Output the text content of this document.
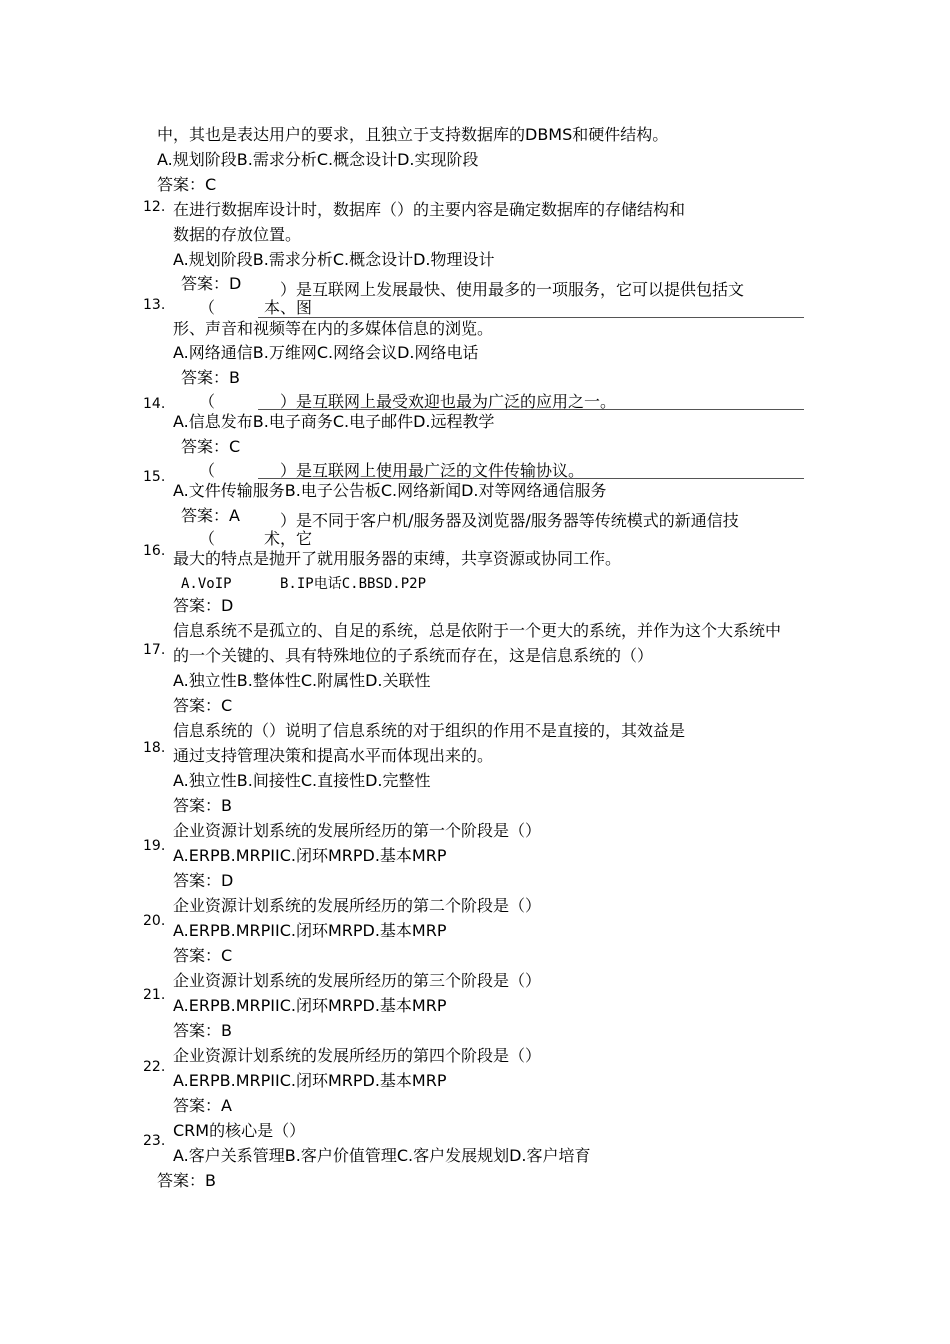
中，其也是表达用户的要求，且独立于支持数据库的DBMS和硬件结构。
A.规划阶段B.需求分析C.概念设计D.实现阶段
答案：C
12. 在进行数据库设计时，数据库（）的主要内容是确定数据库的存储结构和
数据的存放位置。
A.规划阶段B.需求分析C.概念设计D.物理设计
答案：D ）是互联网上发展最快、使用最多的一项服务，它可以提供包括文
13. （	本、图
形、声音和视频等在内的多媒体信息的浏览。
A.网络通信B.万维网C.网络会议D.网络电话
答案：B
14. （	）是互联网上最受欢迎也最为广泛的应用之一。
A.信息发布B.电子商务C.电子邮件D.远程教学
答案：C
15. （	）是互联网上使用最广泛的文件传输协议。
A.文件传输服务B.电子公告板C.网络新闻D.对等网络通信服务
答案：A	）是不同于客户机/服务器及浏览器/服务器等传统模式的新通信技
（	术，它
16. 最大的特点是抛开了就用服务器的束缚，共享资源或协同工作。
A.VoIP	B.IP电话C.BBSD.P2P
答案：D
信息系统不是孤立的、自足的系统，总是依附于一个更大的系统，并作为这个大系统中
17. 的一个关键的、具有特殊地位的子系统而存在，这是信息系统的（）
A.独立性B.整体性C.附属性D.关联性
答案：C
信息系统的（）说明了信息系统的对于组织的作用不是直接的，其效益是
18. 通过支持管理决策和提高水平而体现出来的。
A.独立性B.间接性C.直接性D.完整性
答案：B
企业资源计划系统的发展所经历的第一个阶段是（）
19. A.ERPB.MRPIIC.闭环MRPD.基本MRP
答案：D
企业资源计划系统的发展所经历的第二个阶段是（）
20. A.ERPB.MRPIIC.闭环MRPD.基本MRP
答案：C
企业资源计划系统的发展所经历的第三个阶段是（）
21.
A.ERPB.MRPIIC.闭环MRPD.基本MRP
答案：B
企业资源计划系统的发展所经历的第四个阶段是（）
22.
A.ERPB.MRPIIC.闭环MRPD.基本MRP
答案：A
23.
CRM的核心是（）
A.客户关系管理B.客户价值管理C.客户发展规划D.客户培育
答案：B
